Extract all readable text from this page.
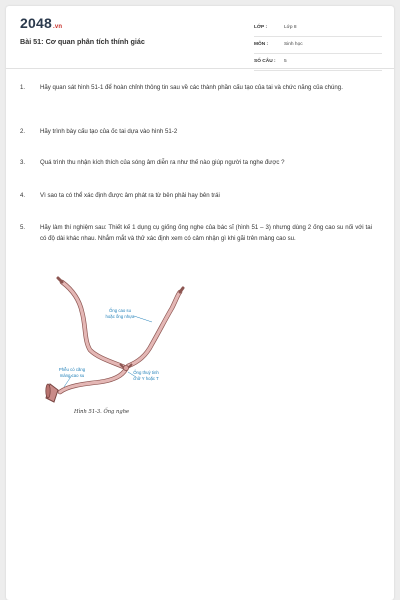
2048.vn
Bài 51: Cơ quan phân tích thính giác
LỚP :	Lớp 8
MÔN :	Sinh học
SỐ CÂU : 5
1.	Hãy quan sát hình 51-1 để hoàn chỉnh thông tin sau về các thành phần cấu tạo của tai và chức năng của chúng.
2.	Hãy trình bày cấu tạo của ốc tai dựa vào hình 51-2
3.	Quá trình thu nhận kích thích của sóng âm diễn ra như thế nào giúp người ta nghe được ?
4.	Vì sao ta có thể xác định được âm phát ra từ bên phải hay bên trái
5.	Hãy làm thí nghiệm sau: Thiết kế 1 dụng cụ giống ống nghe của bác sĩ (hình 51 – 3) nhưng dùng 2 ống cao su nối với tai có độ dài khác nhau. Nhắm mắt và thử xác định xem có cảm nhận gì khi gãi trên màng cao su.
Ống cao su
hoặc ống nhựa
Phễu có căng
màng cao su	Ống thuỷ tinh
chữ Y hoặc T
Hình 51-3. Ống nghe
